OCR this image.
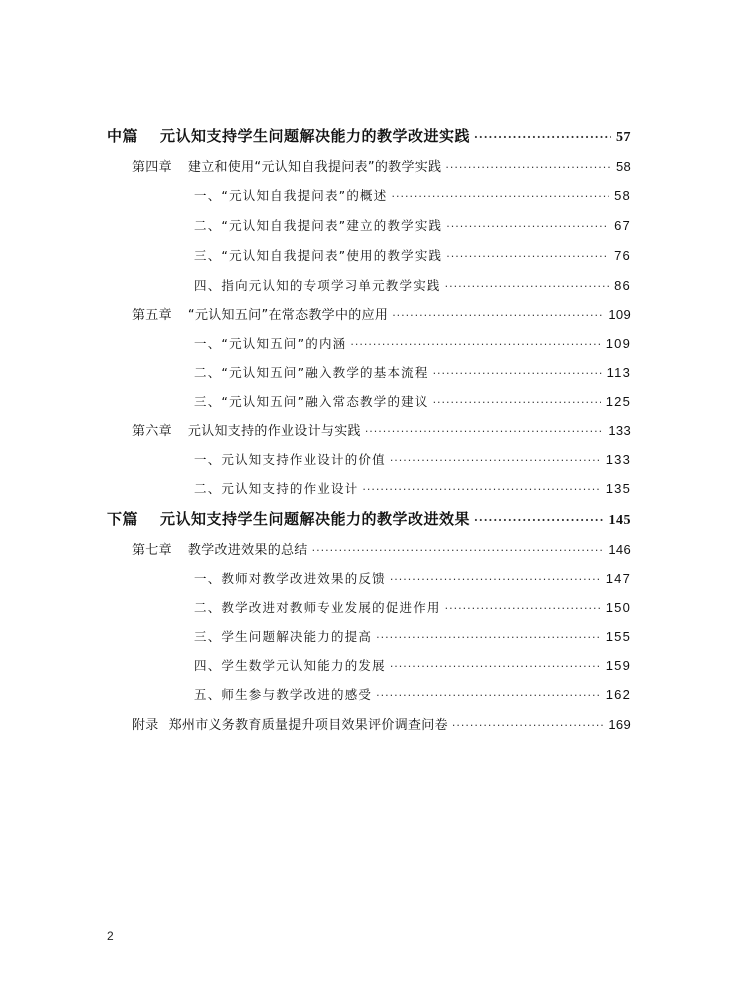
中篇 元认知支持学生问题解决能力的教学改进实践 ·····	57
第四章 建立和使用“元认知自我提问表”的教学实践 ·····	58
一、“元认知自我提问表”的概述 ·····	58
二、“元认知自我提问表”建立的教学实践 ·····	67
三、“元认知自我提问表”使用的教学实践 ·····	76
四、指向元认知的专项学习单元教学实践 ·····	86
第五章 “元认知五问”在常态教学中的应用 ·····	109
一、“元认知五问”的内涵 ·····	109
二、“元认知五问”融入教学的基本流程 ·····	113
三、“元认知五问”融入常态教学的建议 ·····	125
第六章 元认知支持的作业设计与实践 ·····	133
一、元认知支持作业设计的价值 ·····	133
二、元认知支持的作业设计 ·····	135
下篇 元认知支持学生问题解决能力的教学改进效果 ·····	145
第七章 教学改进效果的总结 ·····	146
一、教师对教学改进效果的反馈 ·····	147
二、教学改进对教师专业发展的促进作用 ·····	150
三、学生问题解决能力的提高 ·····	155
四、学生数学元认知能力的发展 ·····	159
五、师生参与教学改进的感受 ·····	162
附录 郑州市义务教育质量提升项目效果评价调查问卷 ·····	169
2
